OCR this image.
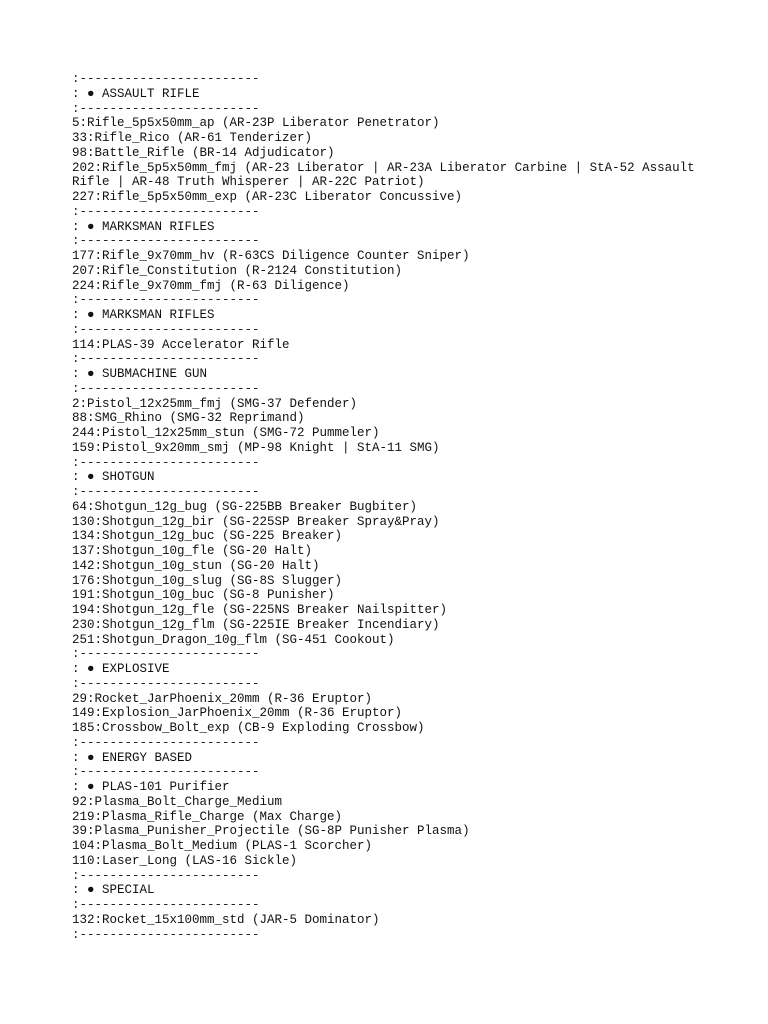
:------------------------
: ● ASSAULT RIFLE
:------------------------
5:Rifle_5p5x50mm_ap (AR-23P Liberator Penetrator)
33:Rifle_Rico (AR-61 Tenderizer)
98:Battle_Rifle (BR-14 Adjudicator)
202:Rifle_5p5x50mm_fmj (AR-23 Liberator | AR-23A Liberator Carbine | StA-52 Assault Rifle | AR-48 Truth Whisperer | AR-22C Patriot)
227:Rifle_5p5x50mm_exp (AR-23C Liberator Concussive)
:------------------------
: ● MARKSMAN RIFLES
:------------------------
177:Rifle_9x70mm_hv (R-63CS Diligence Counter Sniper)
207:Rifle_Constitution (R-2124 Constitution)
224:Rifle_9x70mm_fmj (R-63 Diligence)
:------------------------
: ● MARKSMAN RIFLES
:------------------------
114:PLAS-39 Accelerator Rifle
:------------------------
: ● SUBMACHINE GUN
:------------------------
2:Pistol_12x25mm_fmj (SMG-37 Defender)
88:SMG_Rhino (SMG-32 Reprimand)
244:Pistol_12x25mm_stun (SMG-72 Pummeler)
159:Pistol_9x20mm_smj (MP-98 Knight | StA-11 SMG)
:------------------------
: ● SHOTGUN
:------------------------
64:Shotgun_12g_bug (SG-225BB Breaker Bugbiter)
130:Shotgun_12g_bir (SG-225SP Breaker Spray&Pray)
134:Shotgun_12g_buc (SG-225 Breaker)
137:Shotgun_10g_fle (SG-20 Halt)
142:Shotgun_10g_stun (SG-20 Halt)
176:Shotgun_10g_slug (SG-8S Slugger)
191:Shotgun_10g_buc (SG-8 Punisher)
194:Shotgun_12g_fle (SG-225NS Breaker Nailspitter)
230:Shotgun_12g_flm (SG-225IE Breaker Incendiary)
251:Shotgun_Dragon_10g_flm (SG-451 Cookout)
:------------------------
: ● EXPLOSIVE
:------------------------
29:Rocket_JarPhoenix_20mm (R-36 Eruptor)
149:Explosion_JarPhoenix_20mm (R-36 Eruptor)
185:Crossbow_Bolt_exp (CB-9 Exploding Crossbow)
:------------------------
: ● ENERGY BASED
:------------------------
: ● PLAS-101 Purifier
92:Plasma_Bolt_Charge_Medium
219:Plasma_Rifle_Charge (Max Charge)
39:Plasma_Punisher_Projectile (SG-8P Punisher Plasma)
104:Plasma_Bolt_Medium (PLAS-1 Scorcher)
110:Laser_Long (LAS-16 Sickle)
:------------------------
: ● SPECIAL
:------------------------
132:Rocket_15x100mm_std (JAR-5 Dominator)
:------------------------
